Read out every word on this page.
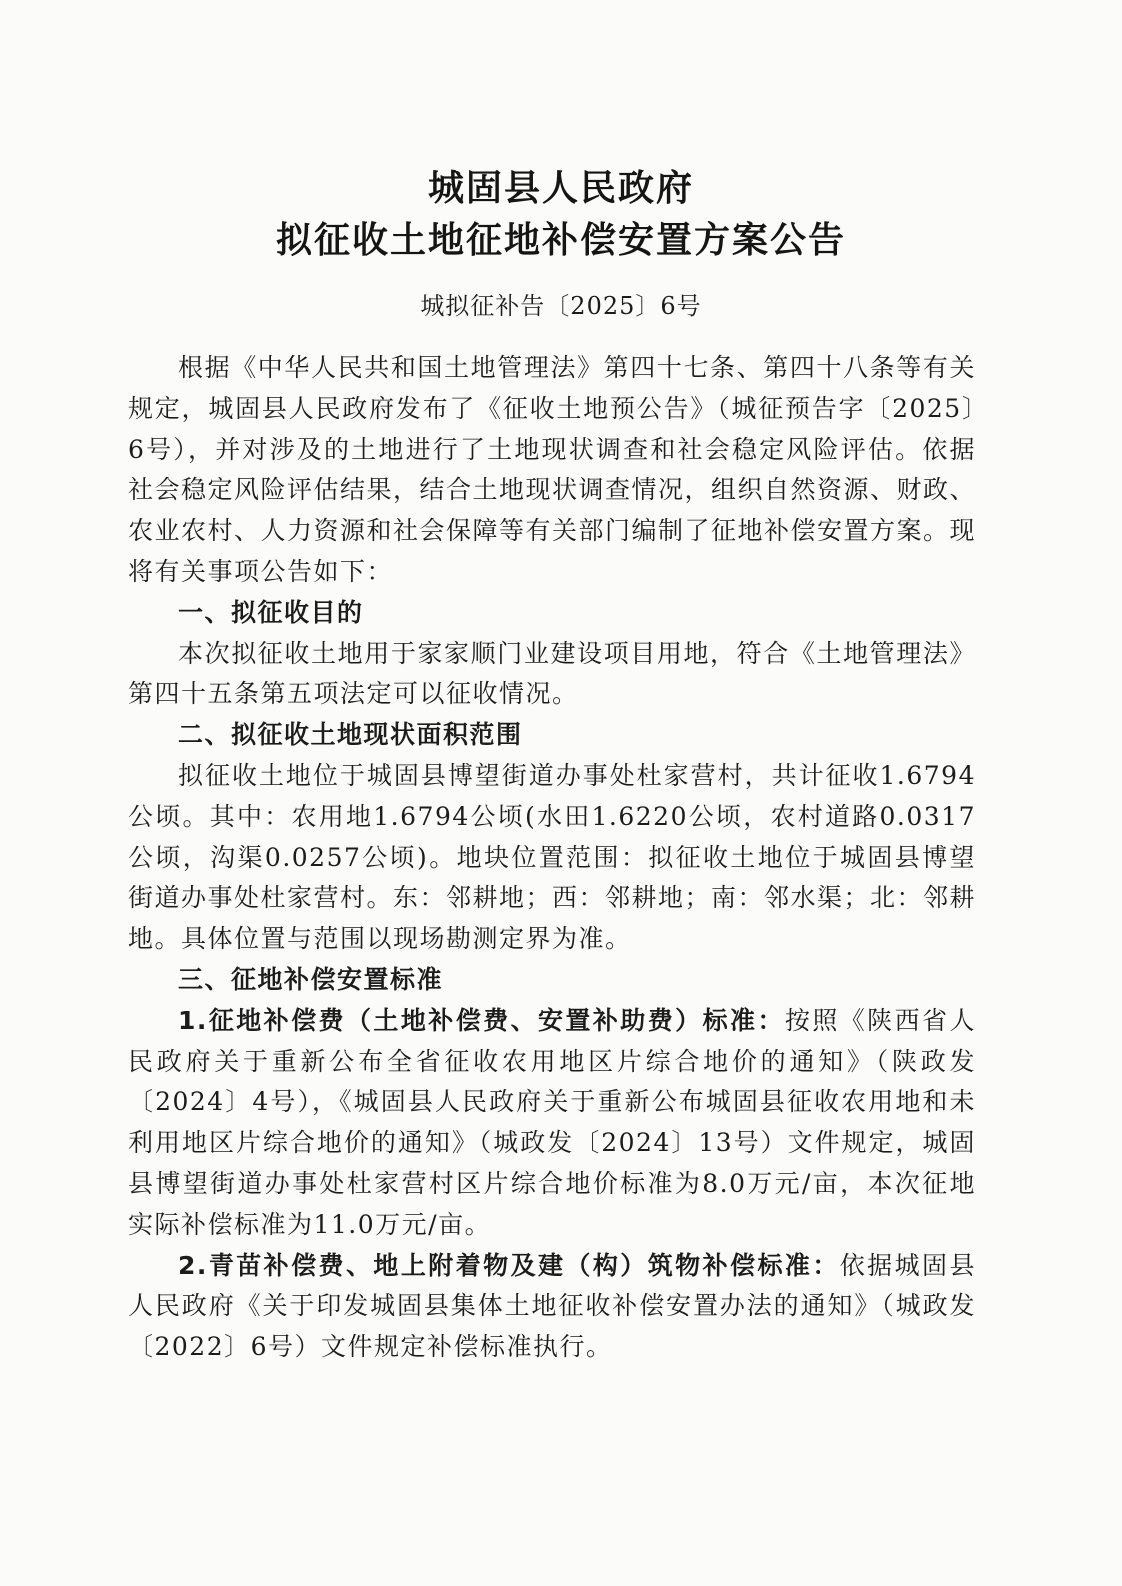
城固县人民政府
拟征收土地征地补偿安置方案公告
城拟征补告〔2025〕6号

根据《中华人民共和国土地管理法》第四十七条、第四十八条等有关规定，城固县人民政府发布了《征收土地预公告》（城征预告字〔2025〕6号），并对涉及的土地进行了土地现状调查和社会稳定风险评估。依据社会稳定风险评估结果，结合土地现状调查情况，组织自然资源、财政、农业农村、人力资源和社会保障等有关部门编制了征地补偿安置方案。现将有关事项公告如下：

一、拟征收目的

本次拟征收土地用于家家顺门业建设项目用地，符合《土地管理法》第四十五条第五项法定可以征收情况。

二、拟征收土地现状面积范围

拟征收土地位于城固县博望街道办事处杜家营村，共计征收1.6794公顷。其中：农用地1.6794公顷(水田1.6220公顷，农村道路0.0317公顷，沟渠0.0257公顷)。地块位置范围：拟征收土地位于城固县博望街道办事处杜家营村。东：邻耕地；西：邻耕地；南：邻水渠；北：邻耕地。具体位置与范围以现场勘测定界为准。

三、征地补偿安置标准

1.征地补偿费（土地补偿费、安置补助费）标准：按照《陕西省人民政府关于重新公布全省征收农用地区片综合地价的通知》（陕政发〔2024〕4号），《城固县人民政府关于重新公布城固县征收农用地和未利用地区片综合地价的通知》（城政发〔2024〕13号）文件规定，城固县博望街道办事处杜家营村区片综合地价标准为8.0万元/亩，本次征地实际补偿标准为11.0万元/亩。

2.青苗补偿费、地上附着物及建（构）筑物补偿标准：依据城固县人民政府《关于印发城固县集体土地征收补偿安置办法的通知》（城政发〔2022〕6号）文件规定补偿标准执行。
